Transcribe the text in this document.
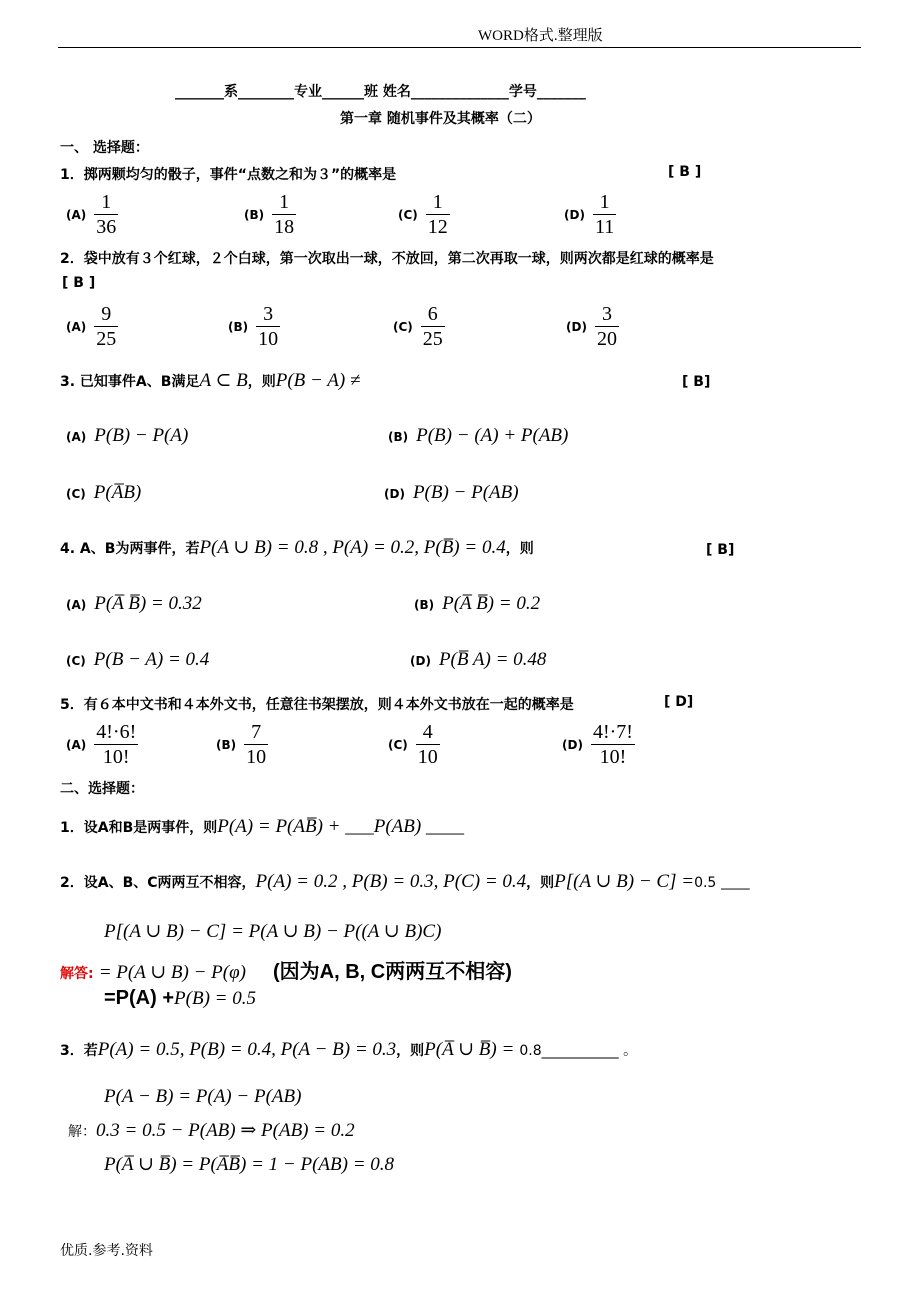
WORD格式.整理版
_______系________专业______班 姓名______________学号_______
第一章 随机事件及其概率（二）
一、 选择题：
1．掷两颗均匀的骰子，事件“点数之和为３”的概率是	[ B ]
$(A) \frac{1}{36}$	$(B) \frac{1}{18}$	$(C) \frac{1}{12}$	$(D) \frac{1}{11}$
2．袋中放有３个红球，２个白球，第一次取出一球，不放回，第二次再取一球，则两次都是红球的概率是
[ B ]
$(A) \frac{9}{25}$	$(B) \frac{3}{10}$	$(C) \frac{6}{25}$	$(D) \frac{3}{20}$
3. 已知事件A、B满足A ⊂ B，则P(B − A) ≠	[ B]
(A) P(B) − P(A)	(B) P(B) − (A) + P(AB)
(C) P(A̅B)	(D) P(B) − P(AB)
4. A、B为两事件，若P(A ∪ B) = 0.8 , P(A) = 0.2, P(B̅) = 0.4，则	[ B]
(A) P(A̅ B̅) = 0.32	(B) P(A̅ B̅) = 0.2
(C) P(B − A) = 0.4	(D) P(B̅ A) = 0.48
5．有６本中文书和４本外文书，任意往书架摆放，则４本外文书放在一起的概率是	[ D]
$(A) \frac{4!\cdot 6!}{10!}$	$(B) \frac{7}{10}$	$(C) \frac{4}{10}$	$(D) \frac{4!\cdot 7!}{10!}$
二、选择题：
1．设A和B是两事件，则P(A) = P(AB̅) + ___P(AB) ____
2．设A、B、C两两互不相容，P(A) = 0.2 , P(B) = 0.3, P(C) = 0.4，则P[(A ∪ B) − C] =0.5 ___
P[(A ∪ B) − C] = P(A ∪ B) − P((A ∪ B)C)
解答: = P(A ∪ B) − P(φ) (因为A, B, C两两互不相容)
=P(A) +P(B) = 0.5
3．若P(A) = 0.5, P(B) = 0.4, P(A − B) = 0.3，则P(A̅ ∪ B̅) = 0.8___________ 。
P(A − B) = P(A) − P(AB)
解：0.3 = 0.5 − P(AB) ⇒ P(AB) = 0.2
P(A̅ ∪ B̅) = P(A̅B̅) = 1 − P(AB) = 0.8
优质.参考.资料
